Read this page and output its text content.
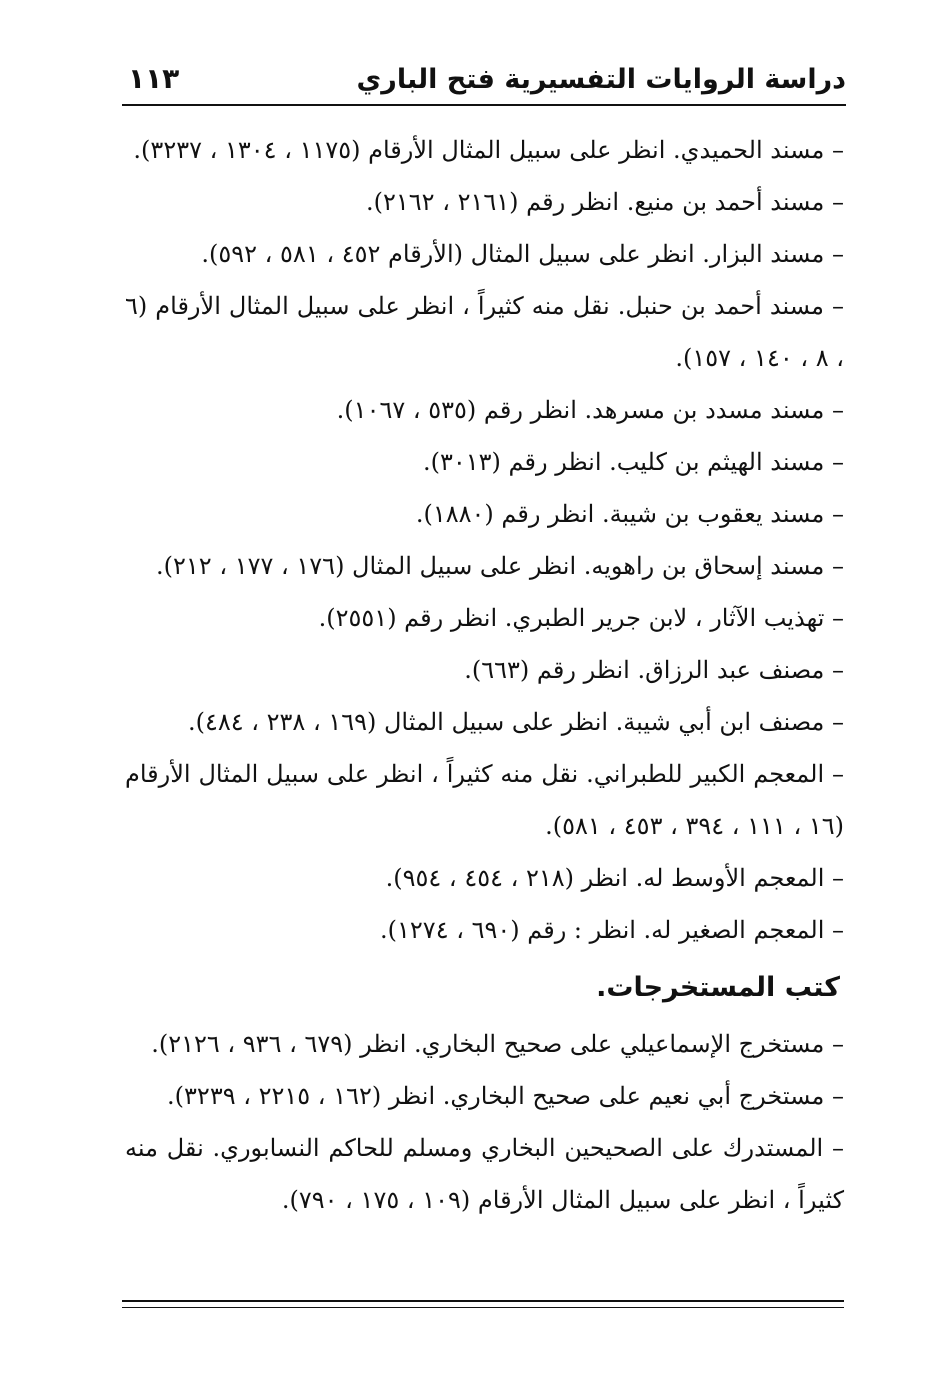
دراسة الروايات التفسيرية فتح الباري
١١٣

– مسند الحميدي. انظر على سبيل المثال الأرقام (١١٧٥ ، ١٣٠٤ ، ٣٢٣٧).

– مسند أحمد بن منيع. انظر رقم (٢١٦١ ، ٢١٦٢).

– مسند البزار. انظر على سبيل المثال (الأرقام ٤٥٢ ، ٥٨١ ، ٥٩٢).

– مسند أحمد بن حنبل. نقل منه كثيراً ، انظر على سبيل المثال الأرقام (٦ ، ٨ ، ١٤٠ ، ١٥٧).

– مسند مسدد بن مسرهد. انظر رقم (٥٣٥ ، ١٠٦٧).

– مسند الهيثم بن كليب. انظر رقم (٣٠١٣).

– مسند يعقوب بن شيبة. انظر رقم (١٨٨٠).

– مسند إسحاق بن راهويه. انظر على سبيل المثال (١٧٦ ، ١٧٧ ، ٢١٢).

– تهذيب الآثار ، لابن جرير الطبري. انظر رقم (٢٥٥١).

– مصنف عبد الرزاق. انظر رقم (٦٦٣).

– مصنف ابن أبي شيبة. انظر على سبيل المثال (١٦٩ ، ٢٣٨ ، ٤٨٤).

– المعجم الكبير للطبراني. نقل منه كثيراً ، انظر على سبيل المثال الأرقام (١٦ ، ١١١ ، ٣٩٤ ، ٤٥٣ ، ٥٨١).

– المعجم الأوسط له. انظر (٢١٨ ، ٤٥٤ ، ٩٥٤).

– المعجم الصغير له. انظر : رقم (٦٩٠ ، ١٢٧٤).

كتب المستخرجات.

– مستخرج الإسماعيلي على صحيح البخاري. انظر (٦٧٩ ، ٩٣٦ ، ٢١٢٦).

– مستخرج أبي نعيم على صحيح البخاري. انظر (١٦٢ ، ٢٢١٥ ، ٣٢٣٩).

– المستدرك على الصحيحين البخاري ومسلم للحاكم النسابوري. نقل منه كثيراً ، انظر على سبيل المثال الأرقام (١٠٩ ، ١٧٥ ، ٧٩٠).
